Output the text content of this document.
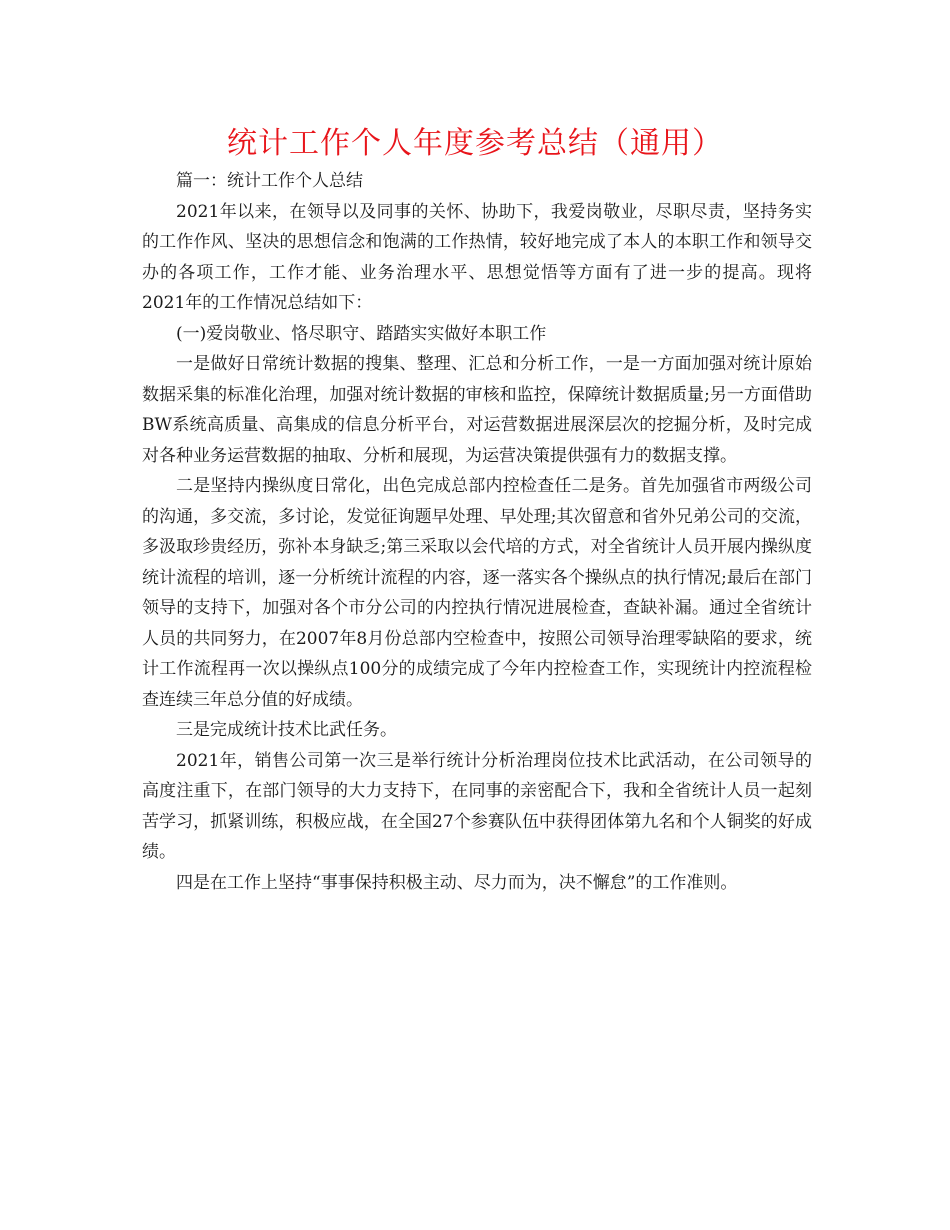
统计工作个人年度参考总结（通用）

篇一：统计工作个人总结

2021年以来，在领导以及同事的关怀、协助下，我爱岗敬业，尽职尽责，坚持务实的工作作风、坚决的思想信念和饱满的工作热情，较好地完成了本人的本职工作和领导交办的各项工作，工作才能、业务治理水平、思想觉悟等方面有了进一步的提高。现将2021年的工作情况总结如下：

(一)爱岗敬业、恪尽职守、踏踏实实做好本职工作

一是做好日常统计数据的搜集、整理、汇总和分析工作，一是一方面加强对统计原始数据采集的标准化治理，加强对统计数据的审核和监控，保障统计数据质量;另一方面借助BW系统高质量、高集成的信息分析平台，对运营数据进展深层次的挖掘分析，及时完成对各种业务运营数据的抽取、分析和展现，为运营决策提供强有力的数据支撑。

二是坚持内操纵度日常化，出色完成总部内控检查任二是务。首先加强省市两级公司的沟通，多交流，多讨论，发觉征询题早处理、早处理;其次留意和省外兄弟公司的交流，多汲取珍贵经历，弥补本身缺乏;第三采取以会代培的方式，对全省统计人员开展内操纵度统计流程的培训，逐一分析统计流程的内容，逐一落实各个操纵点的执行情况;最后在部门领导的支持下，加强对各个市分公司的内控执行情况进展检查，查缺补漏。通过全省统计人员的共同努力，在2007年8月份总部内空检查中，按照公司领导治理零缺陷的要求，统计工作流程再一次以操纵点100分的成绩完成了今年内控检查工作，实现统计内控流程检查连续三年总分值的好成绩。

三是完成统计技术比武任务。

2021年，销售公司第一次三是举行统计分析治理岗位技术比武活动，在公司领导的高度注重下，在部门领导的大力支持下，在同事的亲密配合下，我和全省统计人员一起刻苦学习，抓紧训练，积极应战，在全国27个参赛队伍中获得团体第九名和个人铜奖的好成绩。

四是在工作上坚持“事事保持积极主动、尽力而为，决不懈怠”的工作准则。
